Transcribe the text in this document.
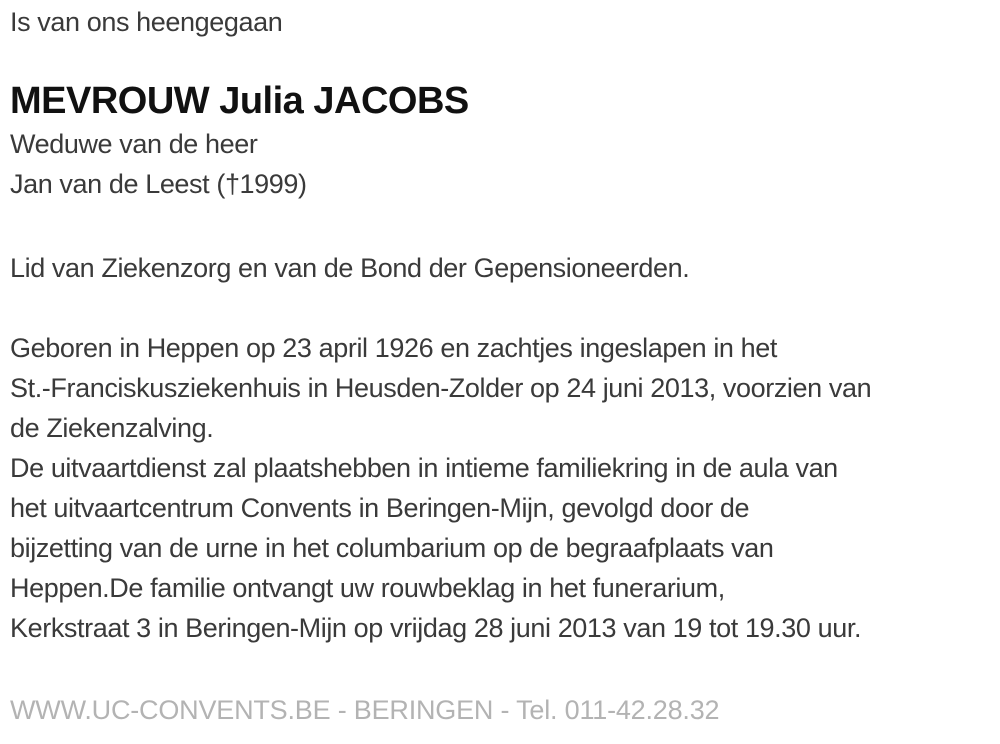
Is van ons heengegaan
MEVROUW Julia JACOBS
Weduwe van de heer
Jan van de Leest (†1999)
Lid van Ziekenzorg en van de Bond der Gepensioneerden.
Geboren in Heppen op 23 april 1926 en zachtjes ingeslapen in het
St.-Franciskusziekenhuis in Heusden-Zolder op 24 juni 2013, voorzien van
de Ziekenzalving.
De uitvaartdienst zal plaatshebben in intieme familiekring in de aula van
het uitvaartcentrum Convents in Beringen-Mijn, gevolgd door de
bijzetting van de urne in het columbarium op de begraafplaats van
Heppen.De familie ontvangt uw rouwbeklag in het funerarium,
Kerkstraat 3 in Beringen-Mijn op vrijdag 28 juni 2013 van 19 tot 19.30 uur.
WWW.UC-CONVENTS.BE - BERINGEN - Tel. 011-42.28.32
